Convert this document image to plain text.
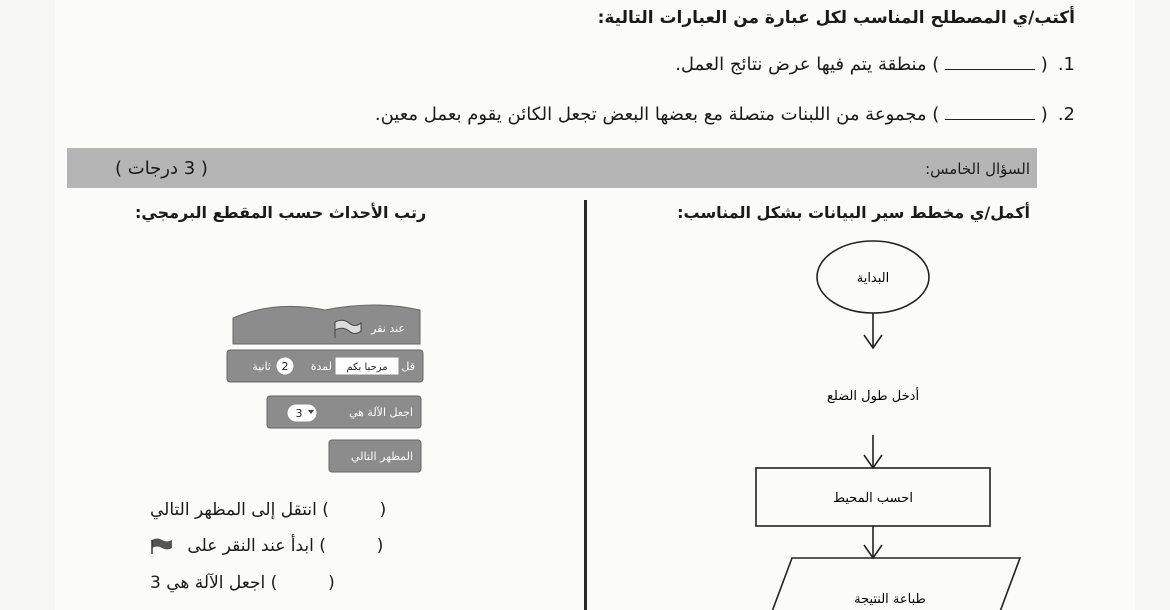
أكتب/ي المصطلح المناسب لكل عبارة من العبارات التالية:
1.(  ) منطقة يتم فيها عرض نتائج العمل.
2.(  ) مجموعة من اللبنات متصلة مع بعضها البعض تجعل الكائن يقوم بعمل معين.
السؤال الخامس:
( 3 درجات )
أكمل/ي مخطط سير البيانات بشكل المناسب:
رتب الأحداث حسب المقطع البرمجي:
البداية
أدخل طول الضلع
احسب المحيط
طباعة النتيجة
عند نقر
قل
مرحبا بكم
لمدة
2
ثانية
اجعل الآلة هي
3
المظهر التالي
(  ) انتقل إلى المظهر التالي
(  ) ابدأ عند النقر على
(  ) اجعل الآلة هي 3
